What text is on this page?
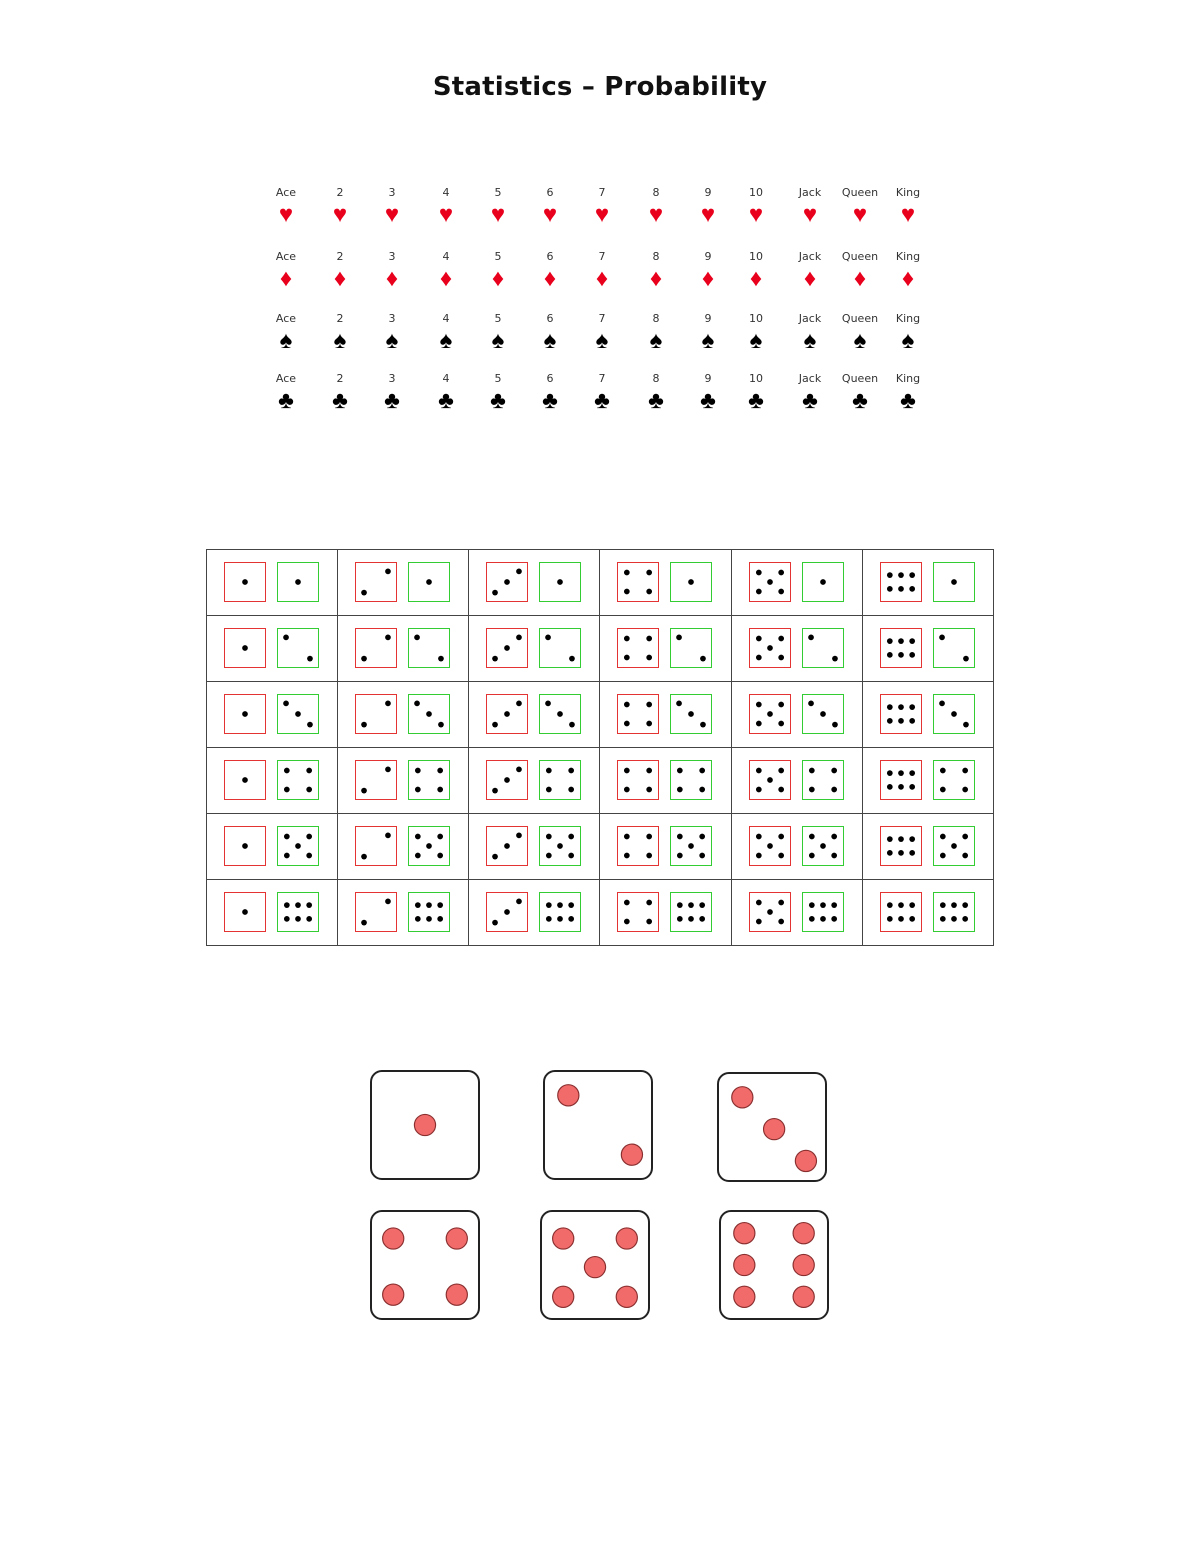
Statistics – Probability
Ace
♥
2
♥
3
♥
4
♥
5
♥
6
♥
7
♥
8
♥
9
♥
10
♥
Jack
♥
Queen
♥
King
♥
Ace
♦
2
♦
3
♦
4
♦
5
♦
6
♦
7
♦
8
♦
9
♦
10
♦
Jack
♦
Queen
♦
King
♦
Ace
♠
2
♠
3
♠
4
♠
5
♠
6
♠
7
♠
8
♠
9
♠
10
♠
Jack
♠
Queen
♠
King
♠
Ace
♣
2
♣
3
♣
4
♣
5
♣
6
♣
7
♣
8
♣
9
♣
10
♣
Jack
♣
Queen
♣
King
♣
